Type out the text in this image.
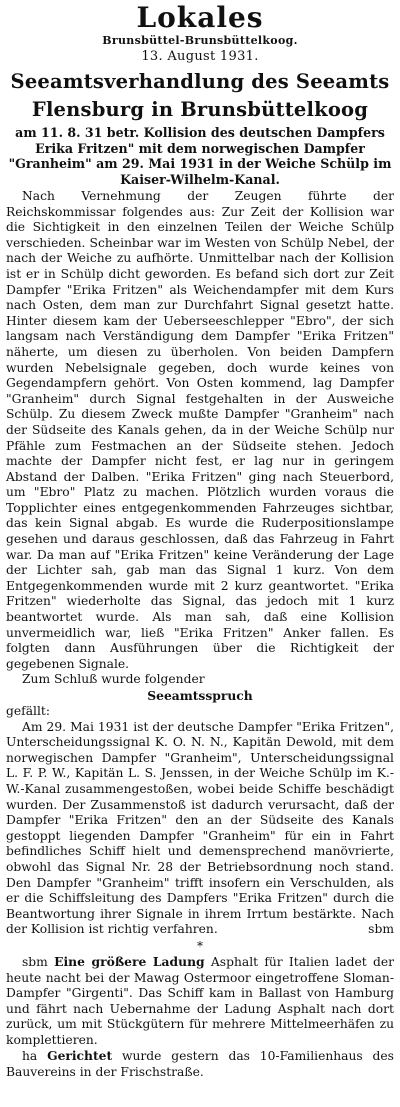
Lokales
Brunsbüttel-Brunsbüttelkoog.
13. August 1931.
Seeamtsverhandlung des Seeamts
Flensburg in Brunsbüttelkoog
am 11. 8. 31 betr. Kollision des deutschen Dampfers Erika Fritzen" mit dem norwegischen Dampfer "Granheim" am 29. Mai 1931 in der Weiche Schülp im Kaiser-Wilhelm-Kanal.

Nach Vernehmung der Zeugen führte der Reichskommissar folgendes aus: Zur Zeit der Kollision war die Sichtigkeit in den einzelnen Teilen der Weiche Schülp verschieden. Scheinbar war im Westen von Schülp Nebel, der nach der Weiche zu aufhörte. Unmittelbar nach der Kollision ist er in Schülp dicht geworden. Es befand sich dort zur Zeit Dampfer "Erika Fritzen" als Weichendampfer mit dem Kurs nach Osten, dem man zur Durchfahrt Signal gesetzt hatte. Hinter diesem kam der Ueberseeschlepper "Ebro", der sich langsam nach Verständigung dem Dampfer "Erika Fritzen" näherte, um diesen zu überholen. Von beiden Dampfern wurden Nebelsignale gegeben, doch wurde keines von Gegendampfern gehört. Von Osten kommend, lag Dampfer "Granheim" durch Signal festgehalten in der Ausweiche Schülp. Zu diesem Zweck mußte Dampfer "Granheim" nach der Südseite des Kanals gehen, da in der Weiche Schülp nur Pfähle zum Festmachen an der Südseite stehen. Jedoch machte der Dampfer nicht fest, er lag nur in geringem Abstand der Dalben. "Erika Fritzen" ging nach Steuerbord, um "Ebro" Platz zu machen. Plötzlich wurden voraus die Topplichter eines entgegenkommenden Fahrzeuges sichtbar, das kein Signal abgab. Es wurde die Ruderpositionslampe gesehen und daraus geschlossen, daß das Fahrzeug in Fahrt war. Da man auf "Erika Fritzen" keine Veränderung der Lage der Lichter sah, gab man das Signal 1 kurz. Von dem Entgegenkommenden wurde mit 2 kurz geantwortet. "Erika Fritzen" wiederholte das Signal, das jedoch mit 1 kurz beantwortet wurde. Als man sah, daß eine Kollision unvermeidlich war, ließ "Erika Fritzen" Anker fallen. Es folgten dann Ausführungen über die Richtigkeit der gegebenen Signale.

Zum Schluß wurde folgender

Seeamtsspruch

gefällt:

Am 29. Mai 1931 ist der deutsche Dampfer "Erika Fritzen", Unterscheidungssignal K. O. N. N., Kapitän Dewold, mit dem norwegischen Dampfer "Granheim", Unterscheidungssignal L. F. P. W., Kapitän L. S. Jenssen, in der Weiche Schülp im K.-W.-Kanal zusammengestoßen, wobei beide Schiffe beschädigt wurden. Der Zusammenstoß ist dadurch verursacht, daß der Dampfer "Erika Fritzen" den an der Südseite des Kanals gestoppt liegenden Dampfer "Granheim" für ein in Fahrt befindliches Schiff hielt und demensprechend manövrierte, obwohl das Signal Nr. 28 der Betriebsordnung noch stand. Den Dampfer "Granheim" trifft insofern ein Verschulden, als er die Schiffsleitung des Dampfers "Erika Fritzen" durch die Beantwortung ihrer Signale in ihrem Irrtum bestärkte. Nach der Kollision ist richtig verfahren.	sbm

*

sbm Eine größere Ladung Asphalt für Italien ladet der heute nacht bei der Mawag Ostermoor eingetroffene Sloman-Dampfer "Girgenti". Das Schiff kam in Ballast von Hamburg und fährt nach Uebernahme der Ladung Asphalt nach dort zurück, um mit Stückgütern für mehrere Mittelmeerhäfen zu komplettieren.

ha Gerichtet wurde gestern das 10-Familienhaus des Bauvereins in der Frischstraße.
